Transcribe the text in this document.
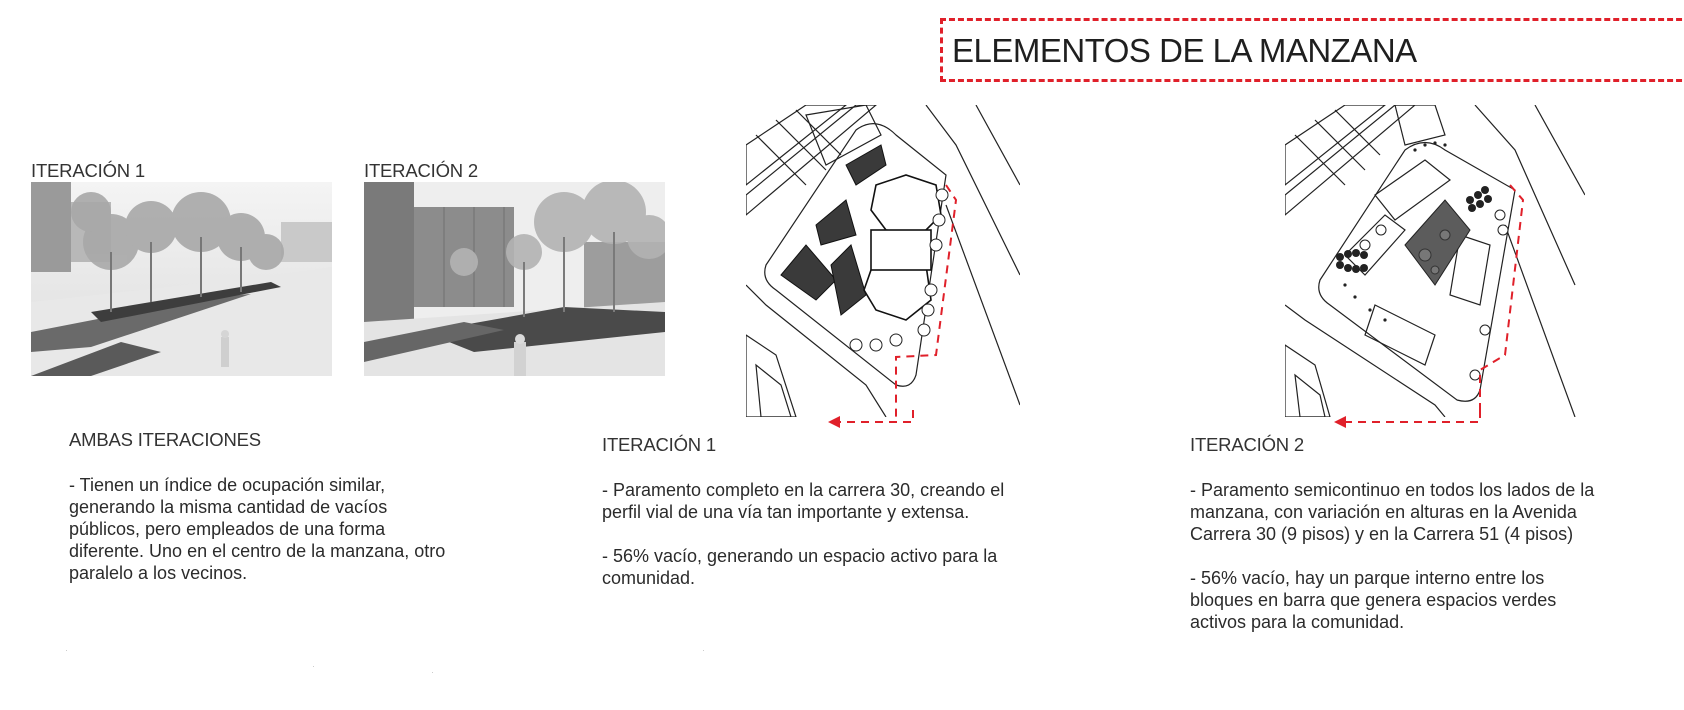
ELEMENTOS DE LA MANZANA
ITERACIÓN 1	ITERACIÓN 2
AMBAS ITERACIONES

- Tienen un índice de ocupación similar, generando la misma cantidad de vacíos públicos, pero empleados de una forma diferente. Uno en el centro de la manzana, otro paralelo a los vecinos.

ITERACIÓN 1

- Paramento completo en la carrera 30, creando el perfil vial de una vía tan importante y extensa.

- 56% vacío, generando un espacio activo para la comunidad.

ITERACIÓN 2

- Paramento semicontinuo en todos los lados de la manzana, con variación en alturas en la Avenida Carrera 30 (9 pisos) y en la Carrera 51 (4 pisos)

- 56% vacío, hay un parque interno entre los bloques en barra que genera espacios verdes activos para la comunidad.
